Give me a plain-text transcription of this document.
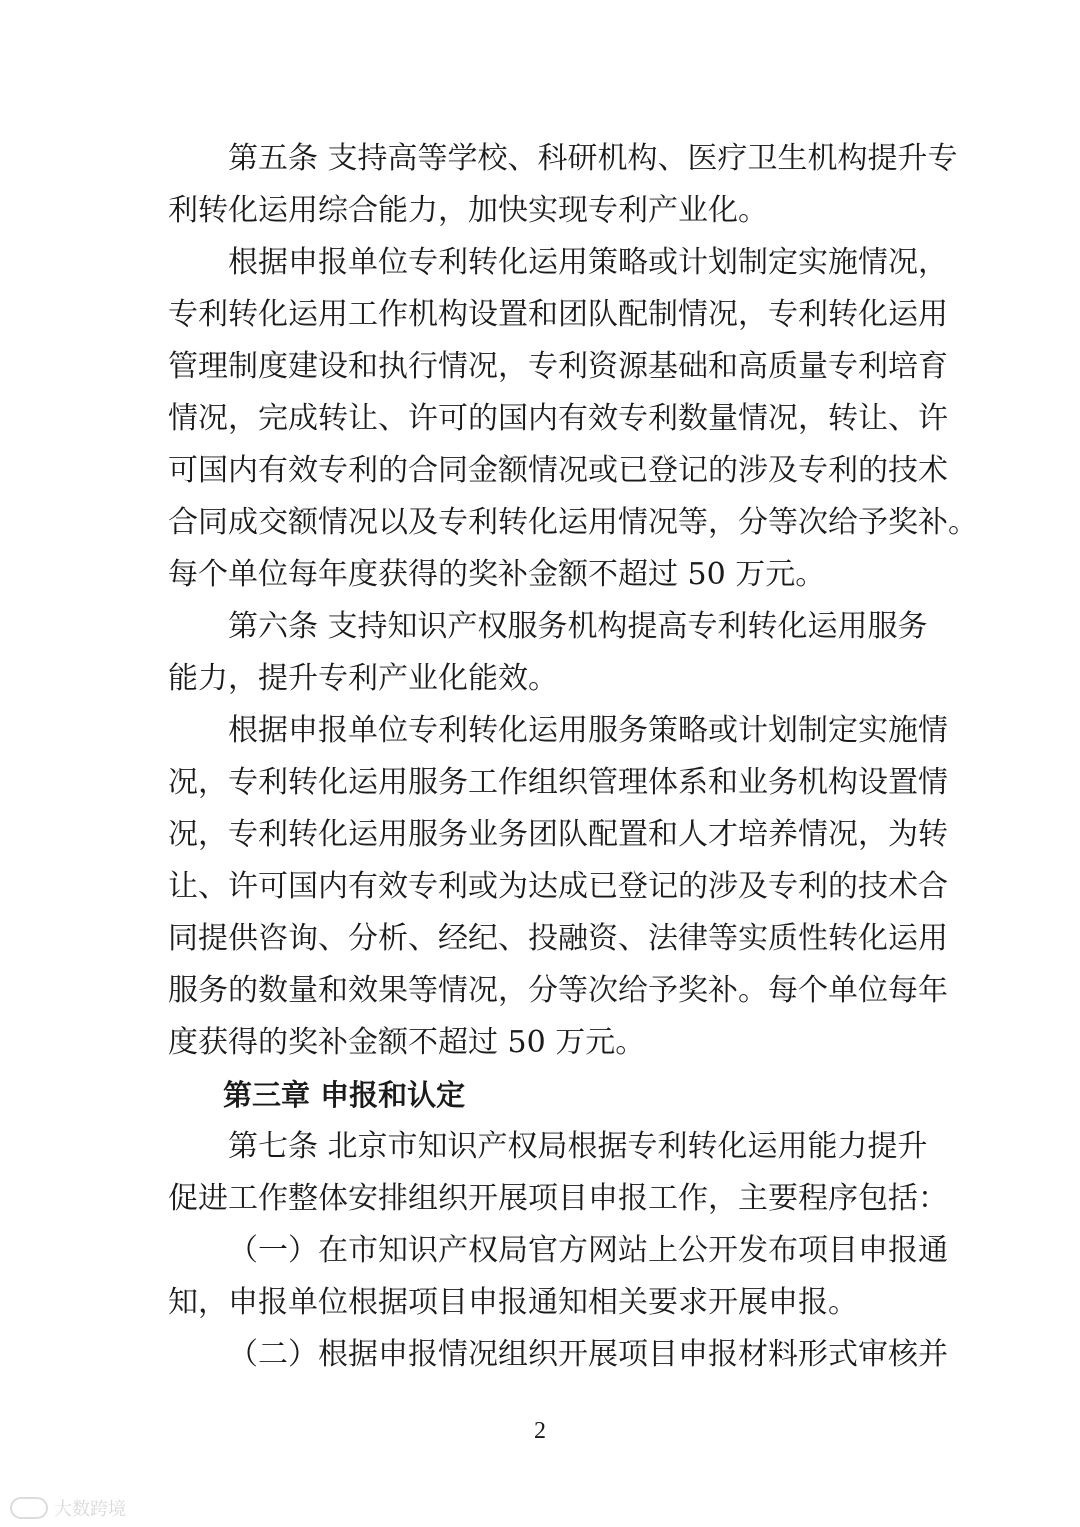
第五条 支持高等学校、科研机构、医疗卫生机构提升专
利转化运用综合能力，加快实现专利产业化。
根据申报单位专利转化运用策略或计划制定实施情况，
专利转化运用工作机构设置和团队配制情况，专利转化运用
管理制度建设和执行情况，专利资源基础和高质量专利培育
情况，完成转让、许可的国内有效专利数量情况，转让、许
可国内有效专利的合同金额情况或已登记的涉及专利的技术
合同成交额情况以及专利转化运用情况等，分等次给予奖补。
每个单位每年度获得的奖补金额不超过 50 万元。
第六条 支持知识产权服务机构提高专利转化运用服务
能力，提升专利产业化能效。
根据申报单位专利转化运用服务策略或计划制定实施情
况，专利转化运用服务工作组织管理体系和业务机构设置情
况，专利转化运用服务业务团队配置和人才培养情况，为转
让、许可国内有效专利或为达成已登记的涉及专利的技术合
同提供咨询、分析、经纪、投融资、法律等实质性转化运用
服务的数量和效果等情况，分等次给予奖补。每个单位每年
度获得的奖补金额不超过 50 万元。
第三章 申报和认定
第七条 北京市知识产权局根据专利转化运用能力提升
促进工作整体安排组织开展项目申报工作，主要程序包括：
（一）在市知识产权局官方网站上公开发布项目申报通
知，申报单位根据项目申报通知相关要求开展申报。
（二）根据申报情况组织开展项目申报材料形式审核并
2
大数跨境
